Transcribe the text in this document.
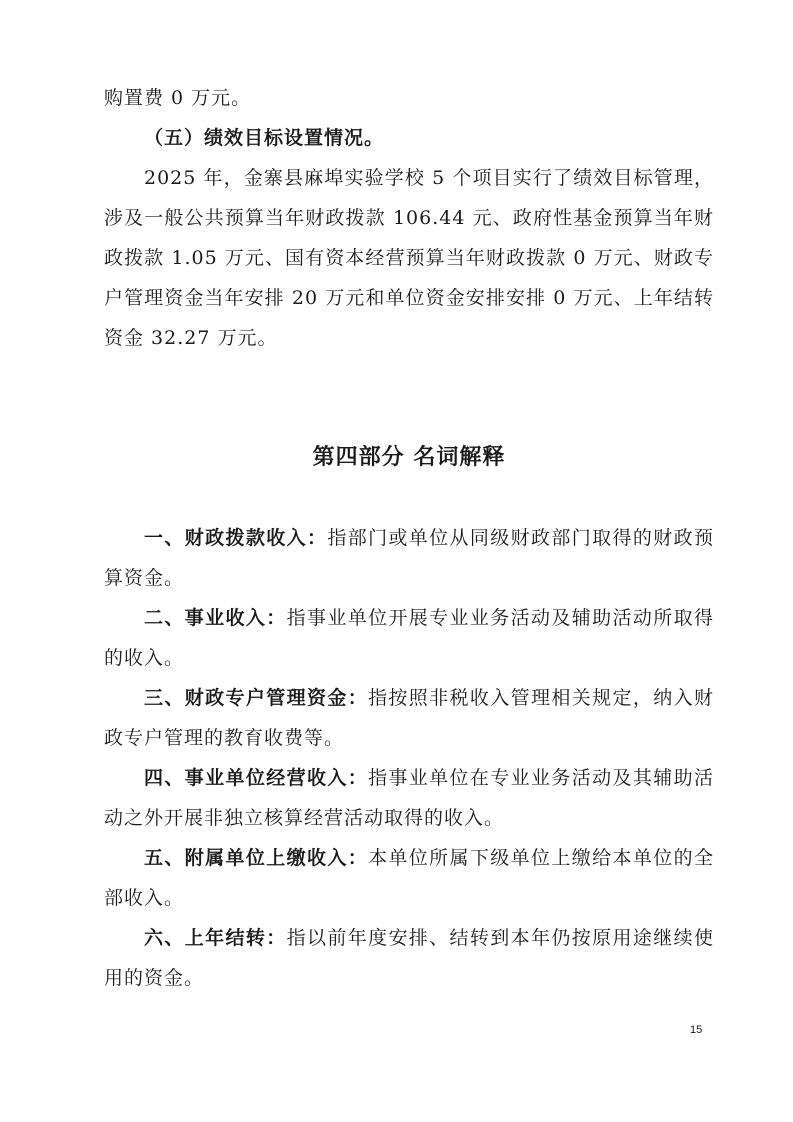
购置费 0 万元。

（五）绩效目标设置情况。

2025 年，金寨县麻埠实验学校 5 个项目实行了绩效目标管理，涉及一般公共预算当年财政拨款 106.44 元、政府性基金预算当年财政拨款 1.05 万元、国有资本经营预算当年财政拨款 0 万元、财政专户管理资金当年安排 20 万元和单位资金安排安排 0 万元、上年结转资金 32.27 万元。

第四部分 名词解释

一、财政拨款收入：指部门或单位从同级财政部门取得的财政预算资金。

二、事业收入：指事业单位开展专业业务活动及辅助活动所取得的收入。

三、财政专户管理资金：指按照非税收入管理相关规定，纳入财政专户管理的教育收费等。

四、事业单位经营收入：指事业单位在专业业务活动及其辅助活动之外开展非独立核算经营活动取得的收入。

五、附属单位上缴收入：本单位所属下级单位上缴给本单位的全部收入。

六、上年结转：指以前年度安排、结转到本年仍按原用途继续使用的资金。

15
